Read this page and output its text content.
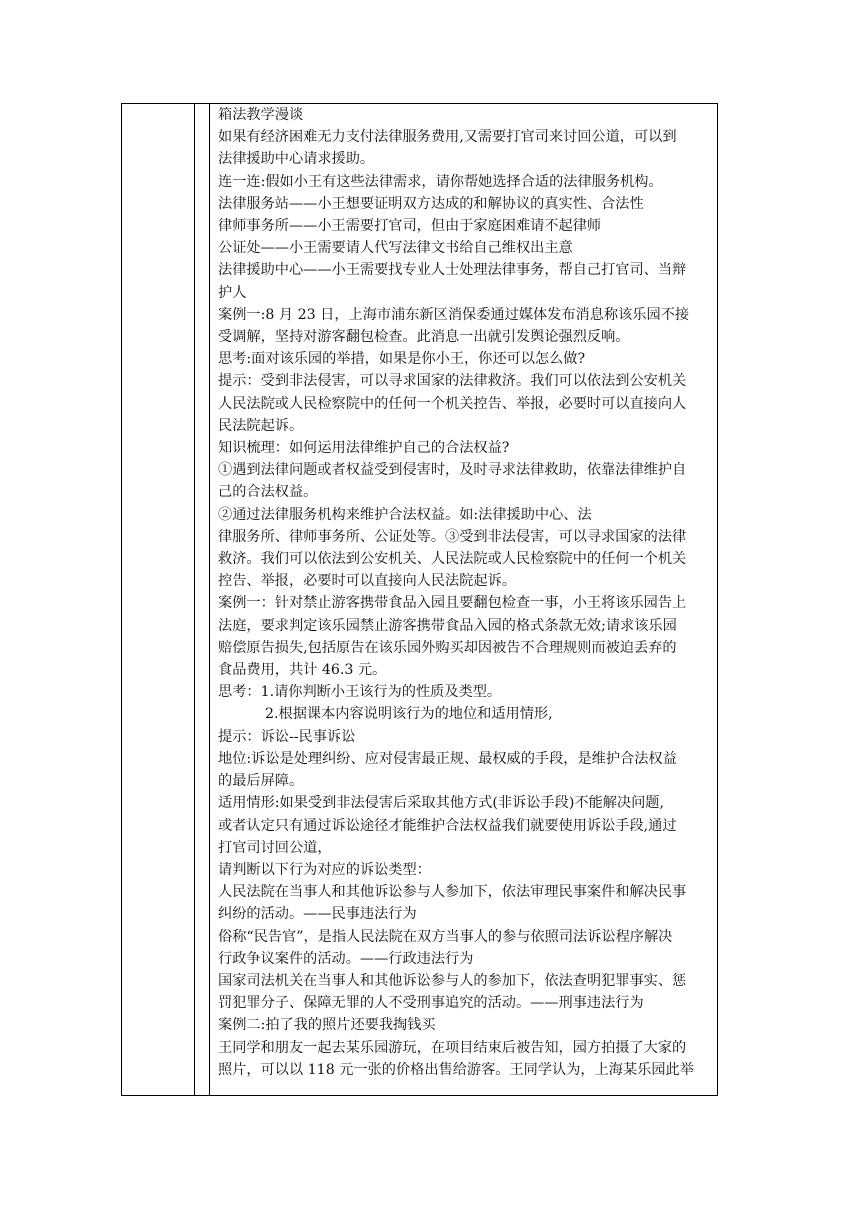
箱法教学漫谈
如果有经济困难无力支付法律服务费用,又需要打官司来讨回公道，可以到
法律援助中心请求援助。
连一连:假如小王有这些法律需求，请你帮她选择合适的法律服务机构。
法律服务站——小王想要证明双方达成的和解协议的真实性、合法性
律师事务所——小王需要打官司，但由于家庭困难请不起律师
公证处——小王需要请人代写法律文书给自己维权出主意
法律援助中心——小王需要找专业人士处理法律事务，帮自己打官司、当辩
护人
案例一:8 月 23 日，上海市浦东新区消保委通过媒体发布消息称该乐园不接
受调解，坚持对游客翻包检查。此消息一出就引发舆论强烈反响。
思考:面对该乐园的举措，如果是你小王，你还可以怎么做?
提示：受到非法侵害，可以寻求国家的法律救济。我们可以依法到公安机关
人民法院或人民检察院中的任何一个机关控告、举报，必要时可以直接向人
民法院起诉。
知识梳理：如何运用法律维护自己的合法权益?
①遇到法律问题或者权益受到侵害时，及时寻求法律救助，依靠法律维护自
己的合法权益。
②通过法律服务机构来维护合法权益。如:法律援助中心、法
律服务所、律师事务所、公证处等。③受到非法侵害，可以寻求国家的法律
救济。我们可以依法到公安机关、人民法院或人民检察院中的任何一个机关
控告、举报，必要时可以直接向人民法院起诉。
案例一：针对禁止游客携带食品入园且要翻包检查一事，小王将该乐园告上
法庭，要求判定该乐园禁止游客携带食品入园的格式条款无效;请求该乐园
赔偿原告损失,包括原告在该乐园外购买却因被告不合理规则而被迫丢弃的
食品费用，共计 46.3 元。
思考：1.请你判断小王该行为的性质及类型。
2.根据课本内容说明该行为的地位和适用情形,
提示：诉讼--民事诉讼
地位:诉讼是处理纠纷、应对侵害最正规、最权威的手段，是维护合法权益
的最后屏障。
适用情形:如果受到非法侵害后采取其他方式(非诉讼手段)不能解决问题,
或者认定只有通过诉讼途径才能维护合法权益我们就要使用诉讼手段,通过
打官司讨回公道，
请判断以下行为对应的诉讼类型：
人民法院在当事人和其他诉讼参与人参加下，依法审理民事案件和解决民事
纠纷的活动。——民事违法行为
俗称“民告官”，是指人民法院在双方当事人的参与依照司法诉讼程序解决
行政争议案件的活动。——行政违法行为
国家司法机关在当事人和其他诉讼参与人的参加下，依法查明犯罪事实、惩
罚犯罪分子、保障无罪的人不受刑事追究的活动。——刑事违法行为
案例二:拍了我的照片还要我掏钱买
王同学和朋友一起去某乐园游玩，在项目结束后被告知，园方拍摄了大家的
照片，可以以 118 元一张的价格出售给游客。王同学认为，上海某乐园此举
